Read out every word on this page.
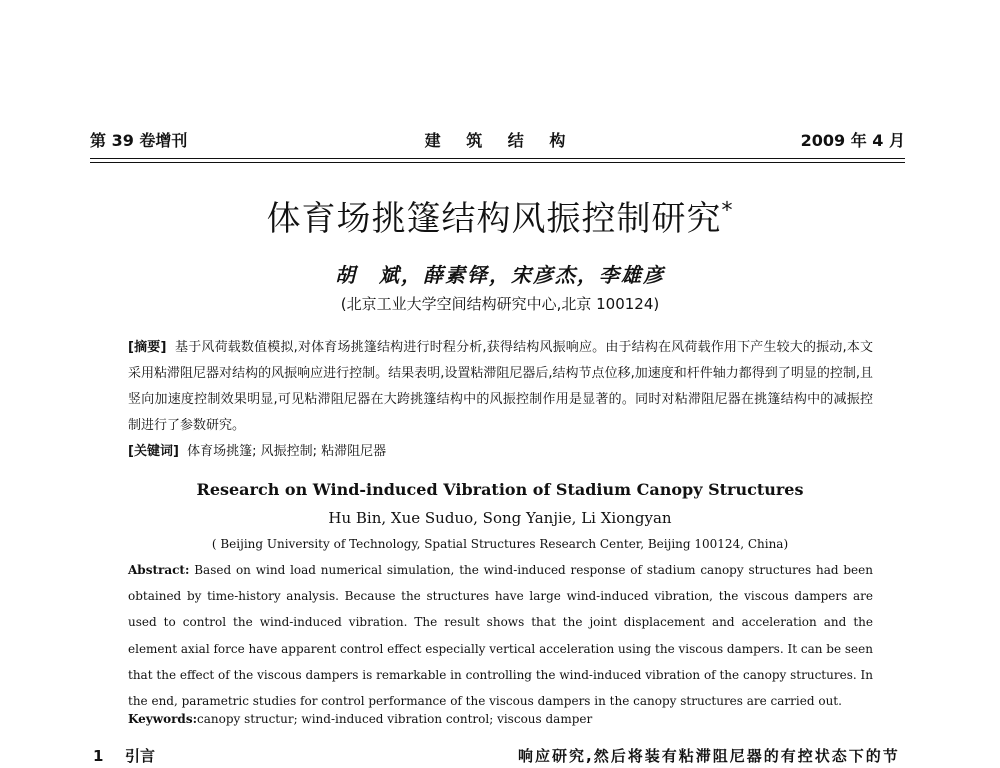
第 39 卷增刊	建 筑 结 构	2009 年 4 月
体育场挑篷结构风振控制研究*
胡　斌，薛素铎，宋彦杰，李雄彦
(北京工业大学空间结构研究中心,北京 100124)
[摘要] 基于风荷载数值模拟,对体育场挑篷结构进行时程分析,获得结构风振响应。由于结构在风荷载作用下产生较大的振动,本文采用粘滞阻尼器对结构的风振响应进行控制。结果表明,设置粘滞阻尼器后,结构节点位移,加速度和杆件轴力都得到了明显的控制,且竖向加速度控制效果明显,可见粘滞阻尼器在大跨挑篷结构中的风振控制作用是显著的。同时对粘滞阻尼器在挑篷结构中的减振控制进行了参数研究。
[关键词] 体育场挑篷; 风振控制; 粘滞阻尼器
Research on Wind-induced Vibration of Stadium Canopy Structures
Hu Bin, Xue Suduo, Song Yanjie, Li Xiongyan
( Beijing University of Technology, Spatial Structures Research Center, Beijing 100124, China)
Abstract: Based on wind load numerical simulation, the wind-induced response of stadium canopy structures had been obtained by time-history analysis. Because the structures have large wind-induced vibration, the viscous dampers are used to control the wind-induced vibration. The result shows that the joint displacement and acceleration and the element axial force have apparent control effect especially vertical acceleration using the viscous dampers. It can be seen that the effect of the viscous dampers is remarkable in controlling the wind-induced vibration of the canopy structures. In the end, parametric studies for control performance of the viscous dampers in the canopy structures are carried out.
Keywords:canopy structur; wind-induced vibration control; viscous damper
1 引言	响应研究,然后将装有粘滞阻尼器的有控状态下的节
